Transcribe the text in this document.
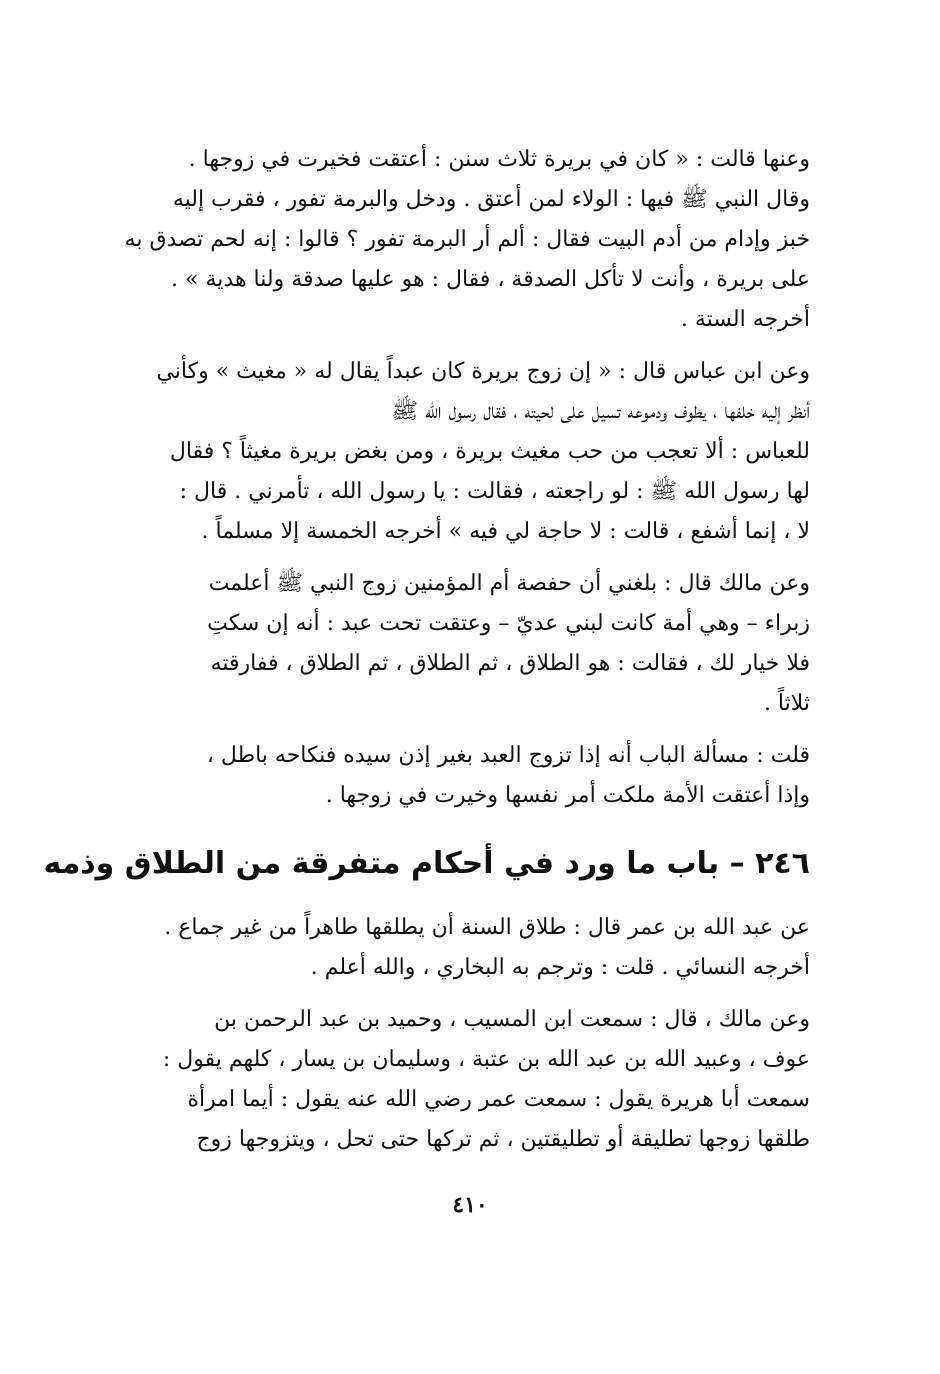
وعنها قالت : « كان في بريرة ثلاث سنن : أعتقت فخيرت في زوجها .
وقال النبي ﷺ فيها : الولاء لمن أعتق . ودخل والبرمة تفور ، فقرب إليه
خبز وإدام من أدم البيت فقال : ألم أر البرمة تفور ؟ قالوا : إنه لحم تصدق به
على بريرة ، وأنت لا تأكل الصدقة ، فقال : هو عليها صدقة ولنا هدية » .
أخرجه الستة .

وعن ابن عباس قال : « إن زوج بريرة كان عبداً يقال له « مغيث » وكأني
أنظر إليه خلفها ، يطوف ودموعه تسيل على لحيته ، فقال رسول الله ﷺ
للعباس : ألا تعجب من حب مغيث بريرة ، ومن بغض بريرة مغيثاً ؟ فقال
لها رسول الله ﷺ : لو راجعته ، فقالت : يا رسول الله ، تأمرني . قال :
لا ، إنما أشفع ، قالت : لا حاجة لي فيه » أخرجه الخمسة إلا مسلماً .

وعن مالك قال : بلغني أن حفصة أم المؤمنين زوج النبي ﷺ أعلمت
زبراء – وهي أمة كانت لبني عديّ – وعتقت تحت عبد : أنه إن سكتِ
فلا خيار لك ، فقالت : هو الطلاق ، ثم الطلاق ، ثم الطلاق ، ففارقته
ثلاثاً .

قلت : مسألة الباب أنه إذا تزوج العبد بغير إذن سيده فنكاحه باطل ،
وإذا أعتقت الأمة ملكت أمر نفسها وخيرت في زوجها .

٢٤٦ – باب ما ورد في أحكام متفرقة من الطلاق وذمه

عن عبد الله بن عمر قال : طلاق السنة أن يطلقها طاهراً من غير جماع .
أخرجه النسائي . قلت : وترجم به البخاري ، والله أعلم .

وعن مالك ، قال : سمعت ابن المسيب ، وحميد بن عبد الرحمن بن
عوف ، وعبيد الله بن عبد الله بن عتبة ، وسليمان بن يسار ، كلهم يقول :
سمعت أبا هريرة يقول : سمعت عمر رضي الله عنه يقول : أيما امرأة
طلقها زوجها تطليقة أو تطليقتين ، ثم تركها حتى تحل ، ويتزوجها زوج

٤١٠
